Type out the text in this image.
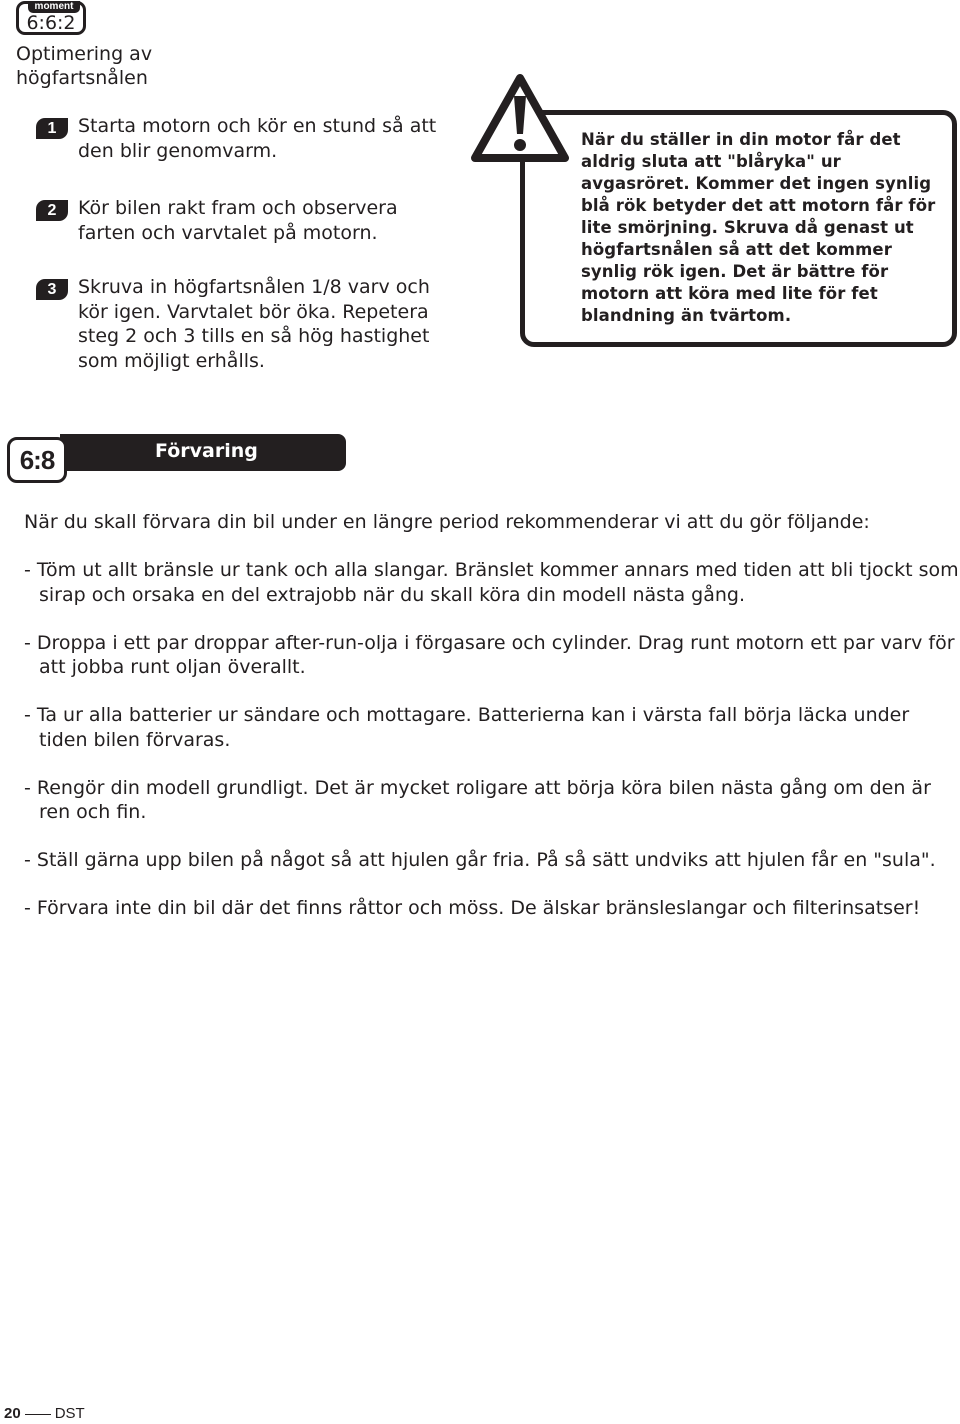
moment
6:6:2
Optimering av högfartsnålen
1	Starta motorn och kör en stund så att den blir genomvarm.

2	Kör bilen rakt fram och observera farten och varvtalet på motorn.

3	Skruva in högfartsnålen 1/8 varv och kör igen. Varvtalet bör öka. Repetera steg 2 och 3 tills en så hög hastighet som möjligt erhålls.

När du ställer in din motor får det aldrig sluta att "blåryka" ur avgasröret. Kommer det ingen synlig blå rök betyder det att motorn får för lite smörjning. Skruva då genast ut högfartsnålen så att det kommer synlig rök igen. Det är bättre för motorn att köra med lite för fet blandning än tvärtom.

Förvaring
6:8

När du skall förvara din bil under en längre period rekommenderar vi att du gör följande:

- Töm ut allt bränsle ur tank och alla slangar. Bränslet kommer annars med tiden att bli tjockt som sirap och orsaka en del extrajobb när du skall köra din modell nästa gång.
- Droppa i ett par droppar after-run-olja i förgasare och cylinder. Drag runt motorn ett par varv för att jobba runt oljan överallt.
- Ta ur alla batterier ur sändare och mottagare. Batterierna kan i värsta fall börja läcka under tiden bilen förvaras.
- Rengör din modell grundligt. Det är mycket roligare att börja köra bilen nästa gång om den är ren och fin.
- Ställ gärna upp bilen på något så att hjulen går fria. På så sätt undviks att hjulen får en "sula".
- Förvara inte din bil där det finns råttor och möss. De älskar bränsleslangar och filterinsatser!
20 DST
